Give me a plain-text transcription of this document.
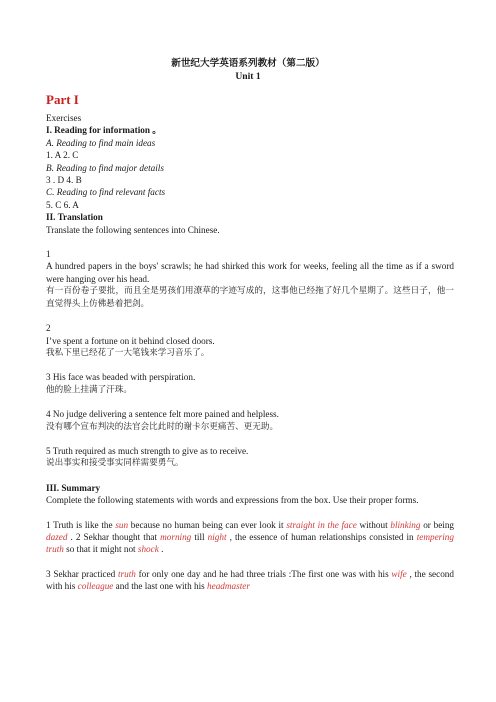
新世纪大学英语系列教材（第二版）
Unit 1

Part I

Exercises

I. Reading for information 。

A. Reading to find main ideas

1. A 2. C

B. Reading to find major details

3 . D 4. B

C. Reading to find relevant facts

5. C 6. A

II. Translation

Translate the following sentences into Chinese.

1

A hundred papers in the boys' scrawls; he had shirked this work for weeks, feeling all the time as if a sword were hanging over his head.

有一百份卷子要批，而且全是男孩们用潦草的字迹写成的，这事他已经拖了好几个星期了。这些日子，他一直觉得头上仿佛悬着把剑。

2

I’ve spent a fortune on it behind closed doors.

我私下里已经花了一大笔钱来学习音乐了。

3 His face was beaded with perspiration.

他的脸上挂满了汗珠。

4 No judge delivering a sentence felt more pained and helpless.

没有哪个宣布判决的法官会比此时的谢卡尔更痛苦、更无助。

5 Truth required as much strength to give as to receive.

说出事实和接受事实同样需要勇气。

III. Summary

Complete the following statements with words and expressions from the box. Use their proper forms.

1 Truth is like the sun because no human being can ever look it straight in the face without blinking or being dazed . 2 Sekhar thought that morning till night , the essence of human relationships consisted in tempering truth so that it might not shock .

3 Sekhar practiced truth for only one day and he had three trials :The first one was with his wife , the second with his colleague and the last one with his headmaster
